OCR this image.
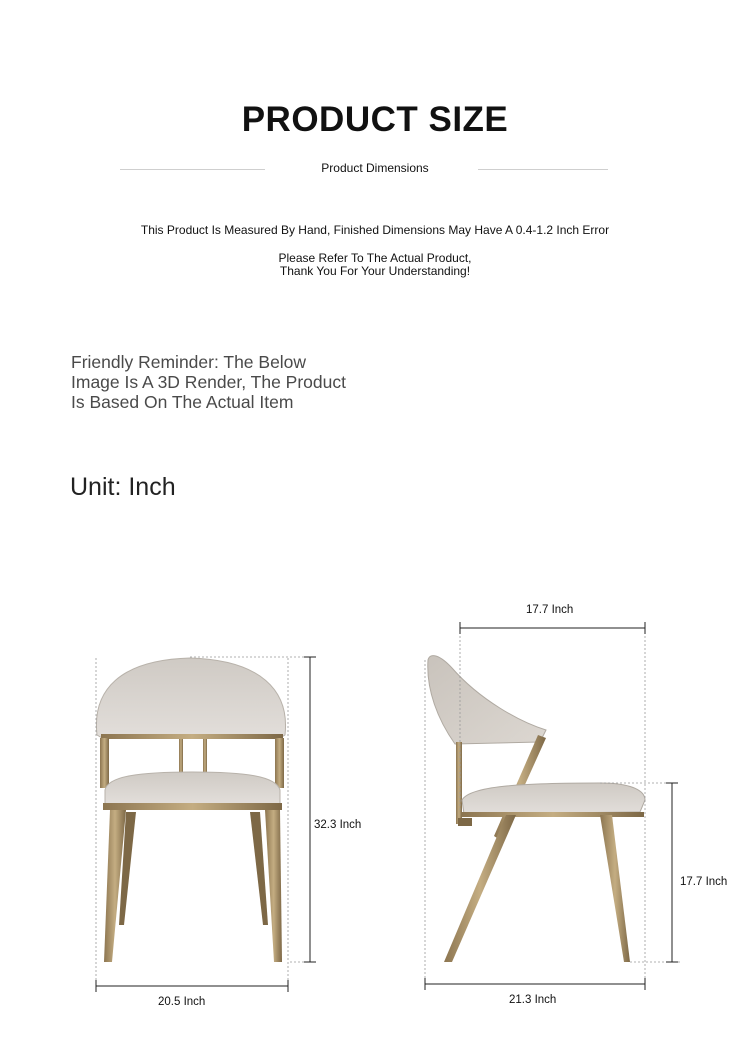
PRODUCT SIZE
Product Dimensions
This Product Is Measured By Hand, Finished Dimensions May Have A 0.4-1.2 Inch Error
Please Refer To The Actual Product,
Thank You For Your Understanding!
Friendly Reminder: The Below
Image Is A 3D Render, The Product
Is Based On The Actual Item
Unit: Inch
32.3 Inch
20.5 Inch
17.7 Inch
17.7 Inch
21.3 Inch
